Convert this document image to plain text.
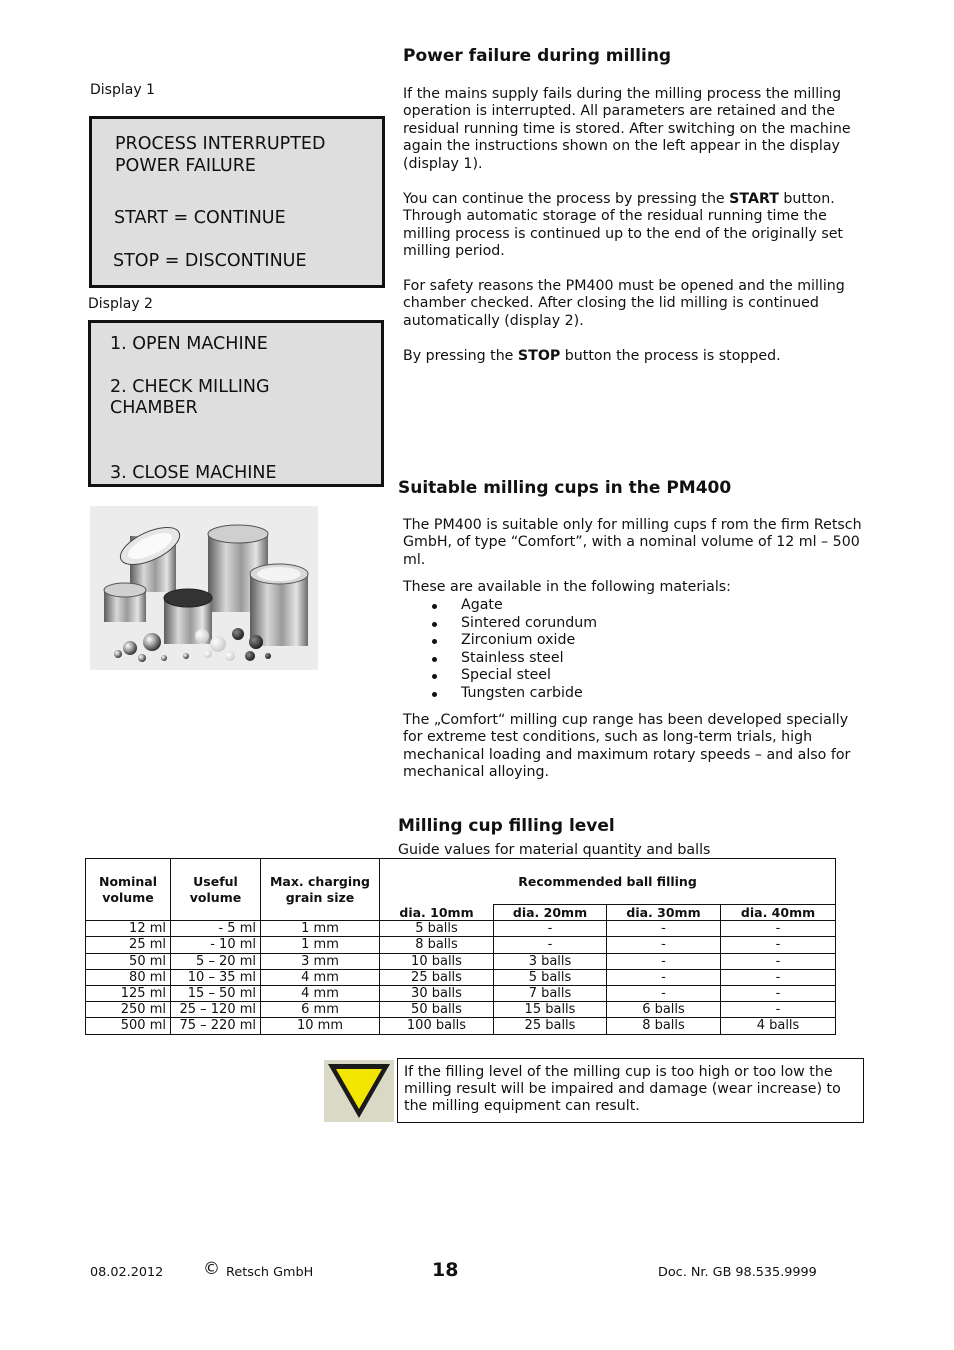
Display 1
PROCESS INTERRUPTED
POWER FAILURE
START = CONTINUE
STOP = DISCONTINUE
Display 2
1. OPEN MACHINE
2. CHECK MILLING
CHAMBER
3. CLOSE MACHINE
Power failure during milling

If the mains supply fails during the milling process the milling operation is interrupted. All parameters are retained and the residual running time is stored. After switching on the machine again the instructions shown on the left appear in the display (display 1).

You can continue the process by pressing the START button. Through automatic storage of the residual running time the milling process is continued up to the end of the originally set milling period.

For safety reasons the PM400 must be opened and the milling chamber checked. After closing the lid milling is continued automatically (display 2).

By pressing the STOP button the process is stopped.

Suitable milling cups in the PM400

The PM400 is suitable only for milling cups f rom the firm Retsch GmbH, of type “Comfort”, with a nominal volume of 12 ml – 500 ml.

These are available in the following materials:

Agate
Sintered corundum
Zirconium oxide
Stainless steel
Special steel
Tungsten carbide

The „Comfort“ milling cup range has been developed specially for extreme test conditions, such as long-term trials, high mechanical loading and maximum rotary speeds – and also for mechanical alloying.

Milling cup filling level
Guide values for material quantity and balls
Nominal volume	Useful volume	Max. charging grain size	Recommended ball filling			
			dia. 10mm	dia. 20mm	dia. 30mm	dia. 40mm
12 ml	- 5 ml	1 mm	5 balls	-	-	-
25 ml	- 10 ml	1 mm	8 balls	-	-	-
50 ml	5 – 20 ml	3 mm	10 balls	3 balls	-	-
80 ml	10 – 35 ml	4 mm	25 balls	5 balls	-	-
125 ml	15 – 50 ml	4 mm	30 balls	7 balls	-	-
250 ml	25 – 120 ml	6 mm	50 balls	15 balls	6 balls	-
500 ml	75 – 220 ml	10 mm	100 balls	25 balls	8 balls	4 balls
If the filling level of the milling cup is too high or too low the milling result will be impaired and damage (wear increase) to the milling equipment can result.
08.02.2012 © Retsch GmbH	18	Doc. Nr. GB 98.535.9999
